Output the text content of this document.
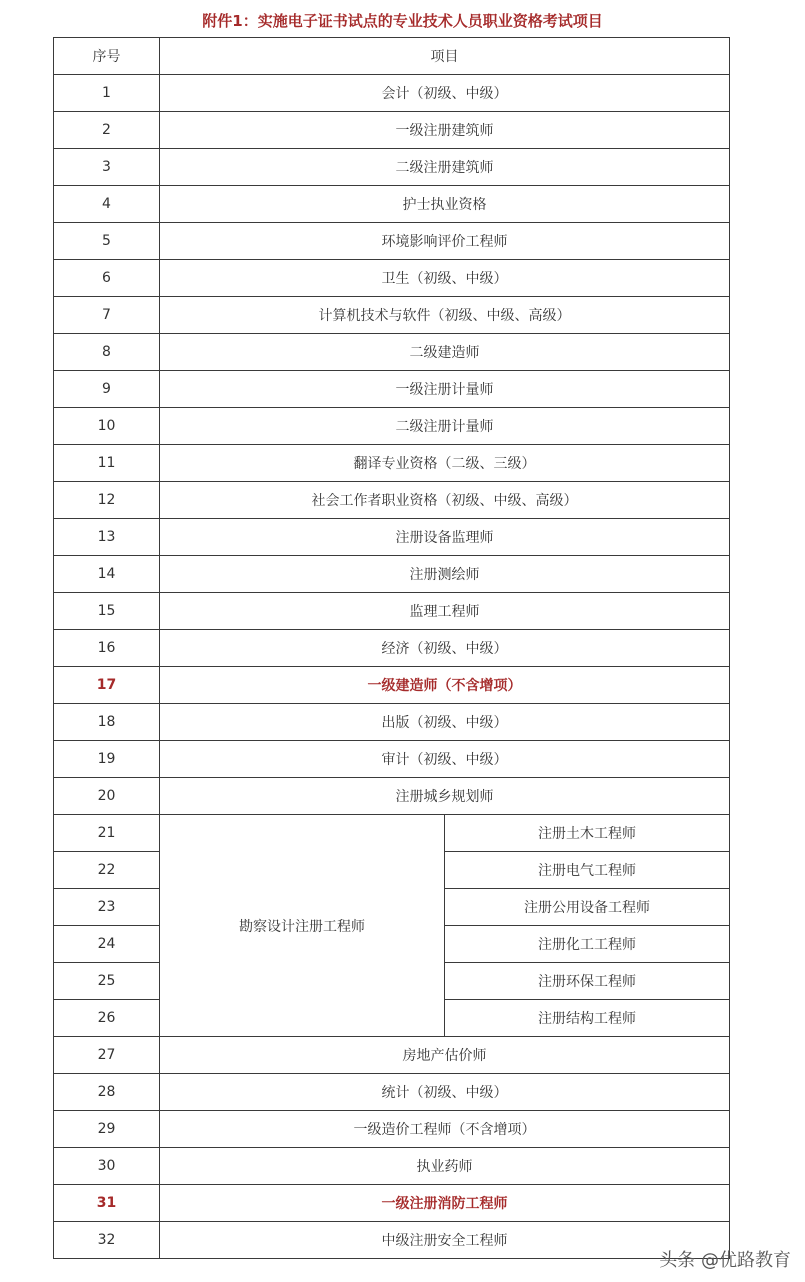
附件1：实施电子证书试点的专业技术人员职业资格考试项目
序号	项目	
1	会计（初级、中级）	
2	一级注册建筑师	
3	二级注册建筑师	
4	护士执业资格	
5	环境影响评价工程师	
6	卫生（初级、中级）	
7	计算机技术与软件（初级、中级、高级）	
8	二级建造师	
9	一级注册计量师	
10	二级注册计量师	
11	翻译专业资格（二级、三级）	
12	社会工作者职业资格（初级、中级、高级）	
13	注册设备监理师	
14	注册测绘师	
15	监理工程师	
16	经济（初级、中级）	
17	一级建造师（不含增项）	
18	出版（初级、中级）	
19	审计（初级、中级）	
20	注册城乡规划师	
21	勘察设计注册工程师	注册土木工程师
22		注册电气工程师
23		注册公用设备工程师
24		注册化工工程师
25		注册环保工程师
26		注册结构工程师
27	房地产估价师	
28	统计（初级、中级）	
29	一级造价工程师（不含增项）	
30	执业药师	
31	一级注册消防工程师	
32	中级注册安全工程师	
头条 @优路教育
